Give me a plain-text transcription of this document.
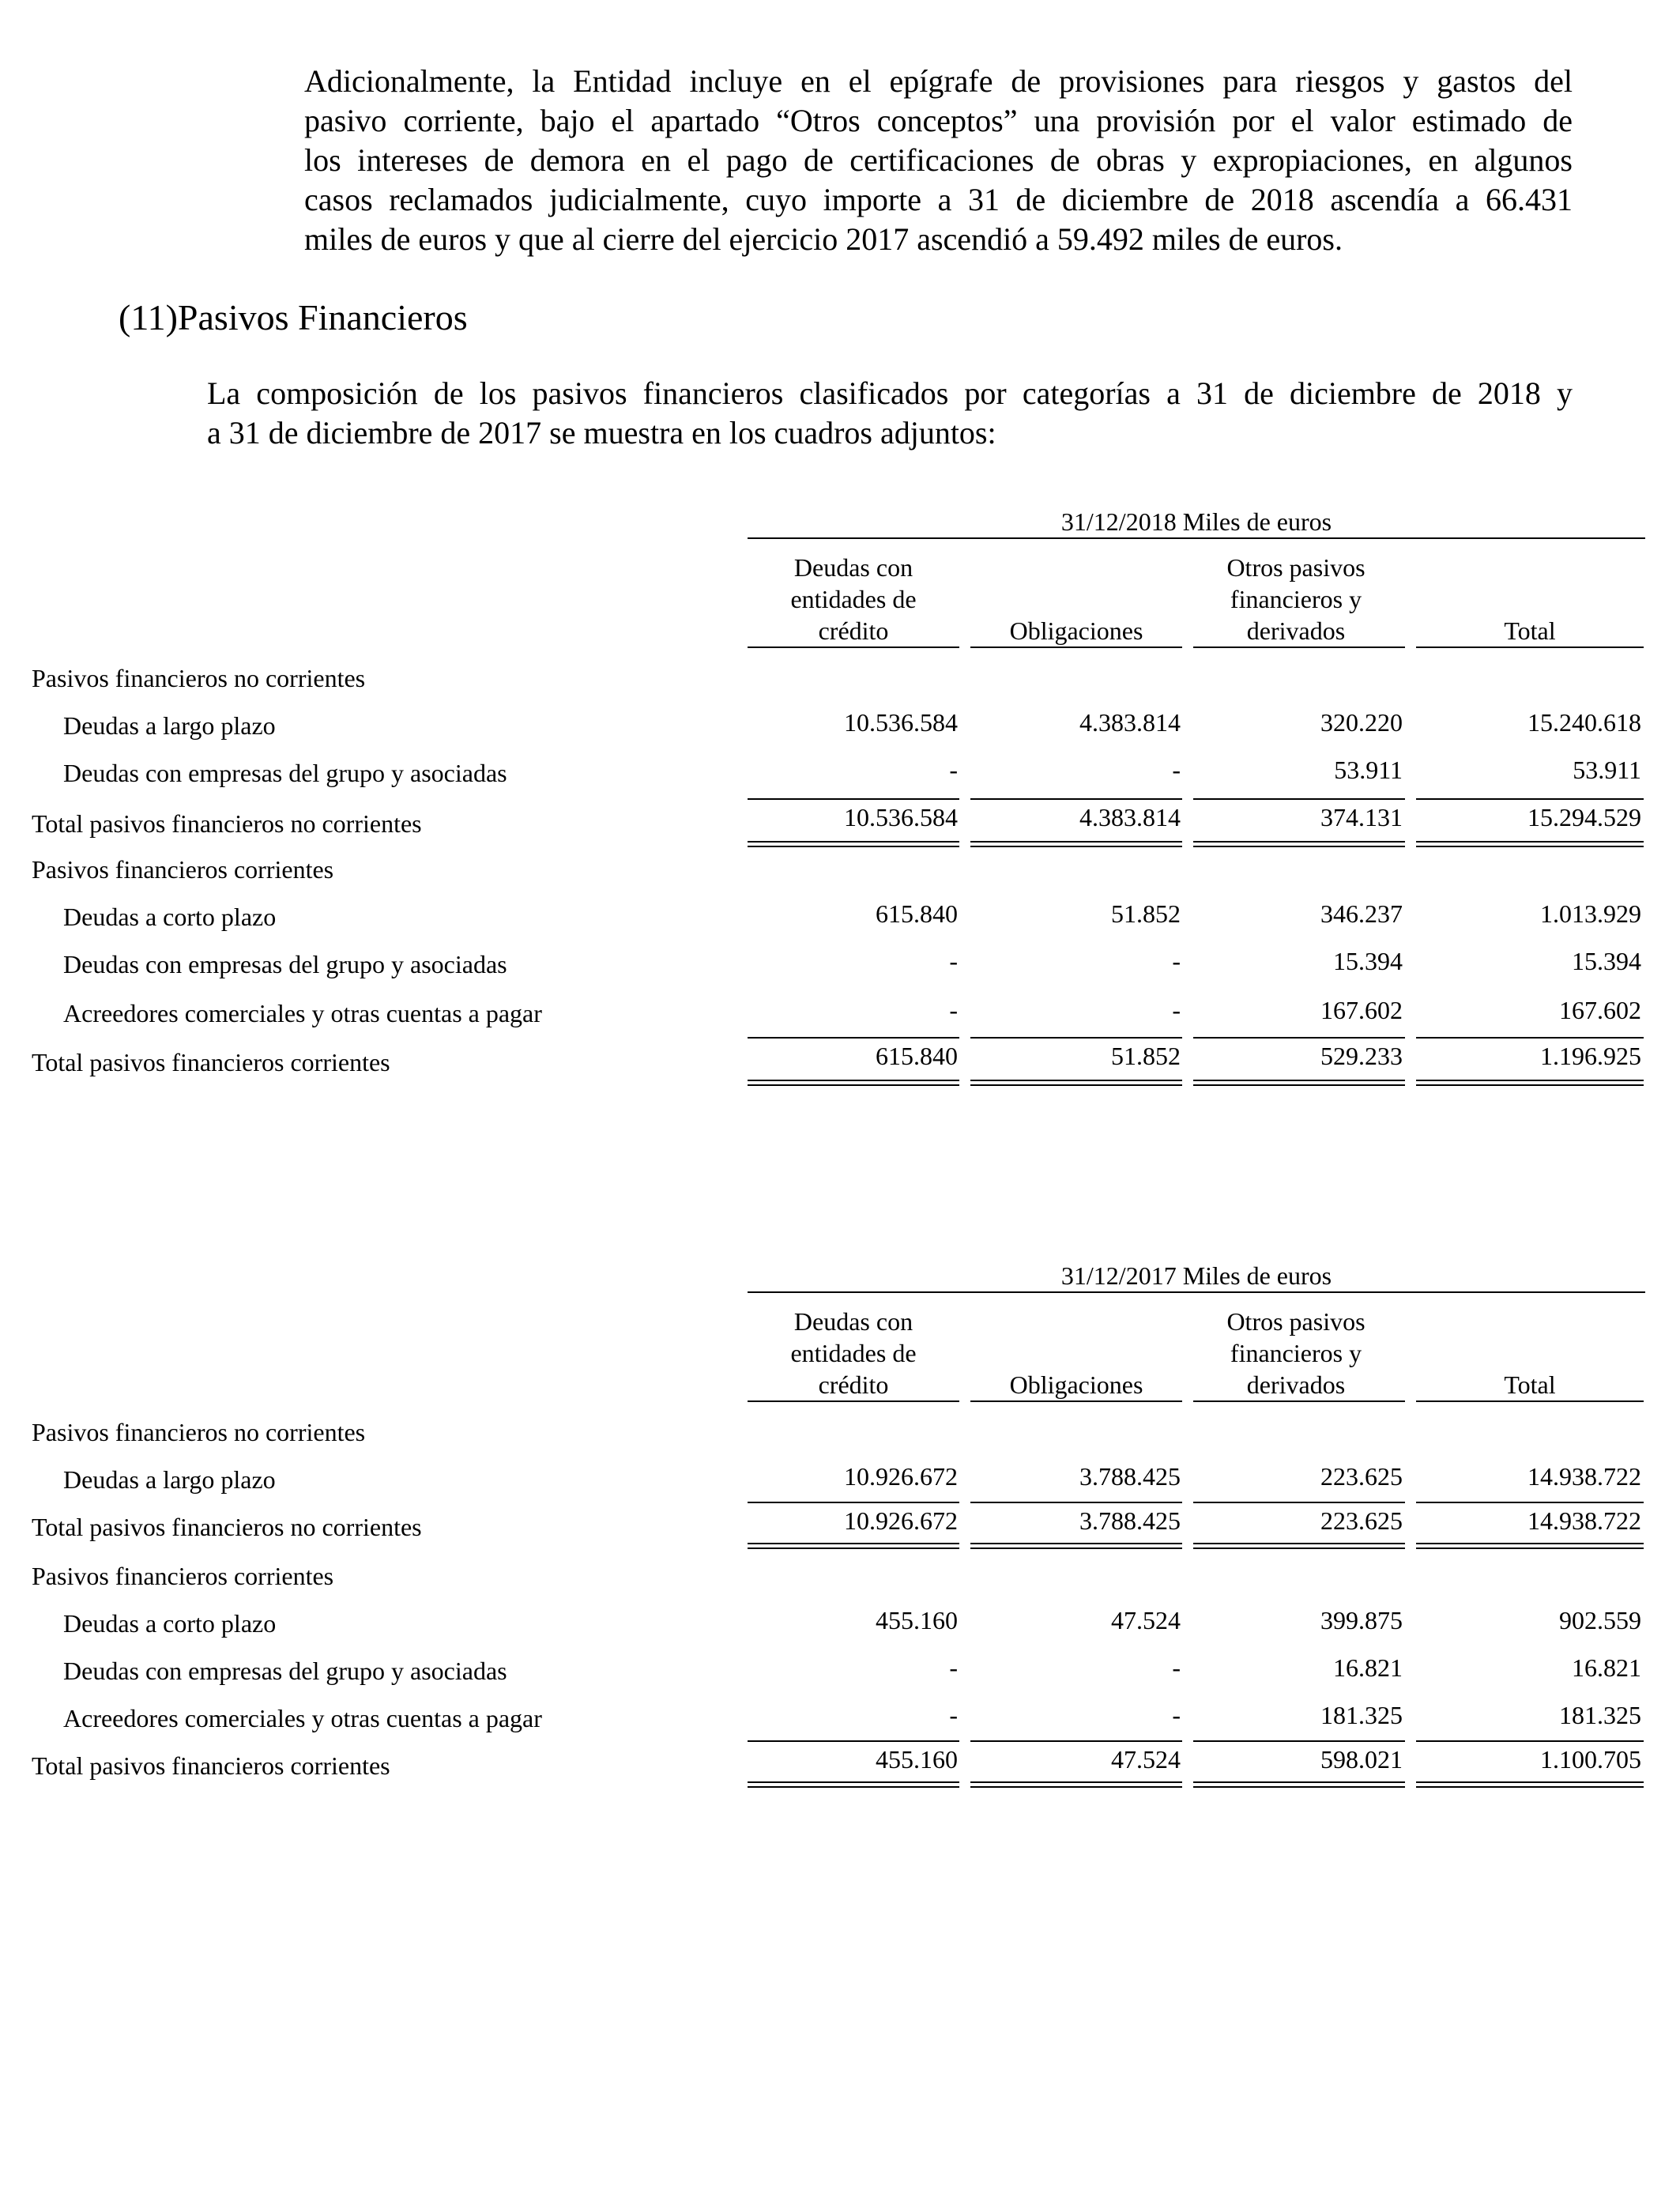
Adicionalmente, la Entidad incluye en el epígrafe de provisiones para riesgos y gastos del
pasivo corriente, bajo el apartado “Otros conceptos” una provisión por el valor estimado de
los intereses de demora en el pago de certificaciones de obras y expropiaciones, en algunos
casos reclamados judicialmente, cuyo importe a 31 de diciembre de 2018 ascendía a 66.431
miles de euros y que al cierre del ejercicio 2017 ascendió a 59.492 miles de euros.
(11)Pasivos Financieros
La composición de los pasivos financieros clasificados por categorías a 31 de diciembre de 2018 y
a 31 de diciembre de 2017 se muestra en los cuadros adjuntos:
31/12/2018 Miles de euros
Deudas con
entidades de
crédito	Obligaciones
Otros pasivos
financieros y
derivados	Total
Pasivos financieros no corrientes
Deudas a largo plazo	10.536.584	4.383.814	320.220	15.240.618
Deudas con empresas del grupo y asociadas	-	-	53.911	53.911
Total pasivos financieros no corrientes	10.536.584	4.383.814	374.131	15.294.529
Pasivos financieros corrientes
Deudas a corto plazo	615.840	51.852	346.237	1.013.929
Deudas con empresas del grupo y asociadas	-	-	15.394	15.394
Acreedores comerciales y otras cuentas a pagar	-	-	167.602	167.602
Total pasivos financieros corrientes	615.840	51.852	529.233	1.196.925
31/12/2017 Miles de euros
Deudas con
entidades de
crédito	Obligaciones
Otros pasivos
financieros y
derivados	Total
Pasivos financieros no corrientes
Deudas a largo plazo	10.926.672	3.788.425	223.625	14.938.722
Total pasivos financieros no corrientes	10.926.672	3.788.425	223.625	14.938.722
Pasivos financieros corrientes
Deudas a corto plazo	455.160	47.524	399.875	902.559
Deudas con empresas del grupo y asociadas	-	-	16.821	16.821
Acreedores comerciales y otras cuentas a pagar	-	-	181.325	181.325
Total pasivos financieros corrientes	455.160	47.524	598.021	1.100.705
